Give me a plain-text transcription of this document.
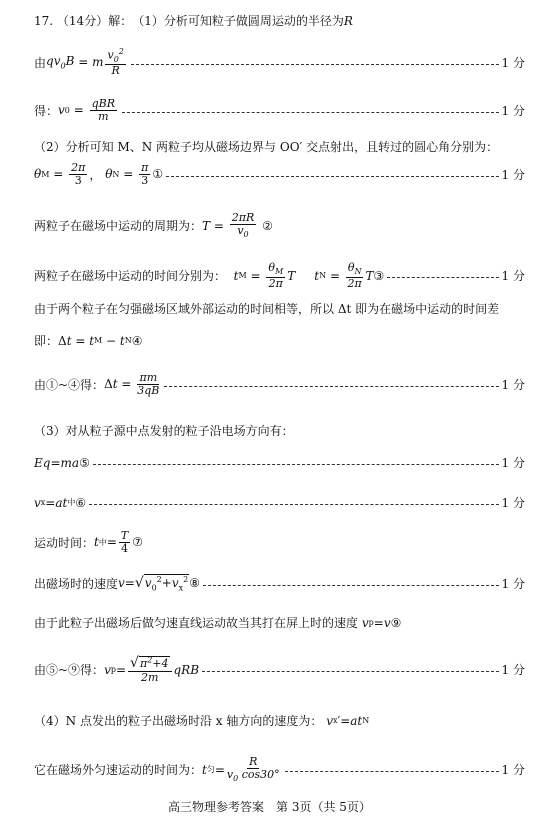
17.
（14分） 解： （1）分析可知粒子做圆周运动的半径为 R
由 $qv_0B = m \frac{v_0^2}{R}$	1 分
得： v $0 = \frac{\text{qBR}}{m}$	1 分
（2）分析可知 M、N 两粒子均从磁场边界与 OO′ 交点射出，且转过的圆心角分别为：
θ $M = \frac{2\pi}{3}$ ， θ $N = \frac{\pi}{3}$ ①	1 分
两粒子在磁场中运动的周期为： $T = \frac{2\pi R}{v_0}$
②
两粒子在磁场中运动的时间分别为：
t $M = \frac{\theta_M}{2\pi}$ T
t $N = \frac{\theta_N}{2\pi}$ T ③	1 分
由于两个粒子在匀强磁场区域外部运动的时间相等，所以 Δt 即为在磁场中运动的时间差
即： Δ t = t M − t N ④
由①~④得： Δ $t = \frac{\pi m}{3qB}$	1 分
（3）对从粒子源中点发射的粒子沿电场方向有：
Eq = ma ⑤	1 分
v x = at 中 ⑥	1 分
运动时间： t 中 = $\frac{T}{4}$ ⑦
出磁场时的速度 v = √ $v_0^2+v_x^2$ ⑧	1 分
由于此粒子出磁场后做匀速直线运动故当其打在屏上时的速度
v p = v ⑨
由⑤~⑨得： v $p = \frac{√\pi^2+4}{2m}$ qRB	1 分
（4）N 点发出的粒子出磁场时沿 x 轴方向的速度为：
v x ′= at N
它在磁场外匀速运动的时间为： t 匀 = $\frac{R}{v_0 \cos 30^\circ}$	1 分
高三物理参考答案　第 3页（共 5页）
